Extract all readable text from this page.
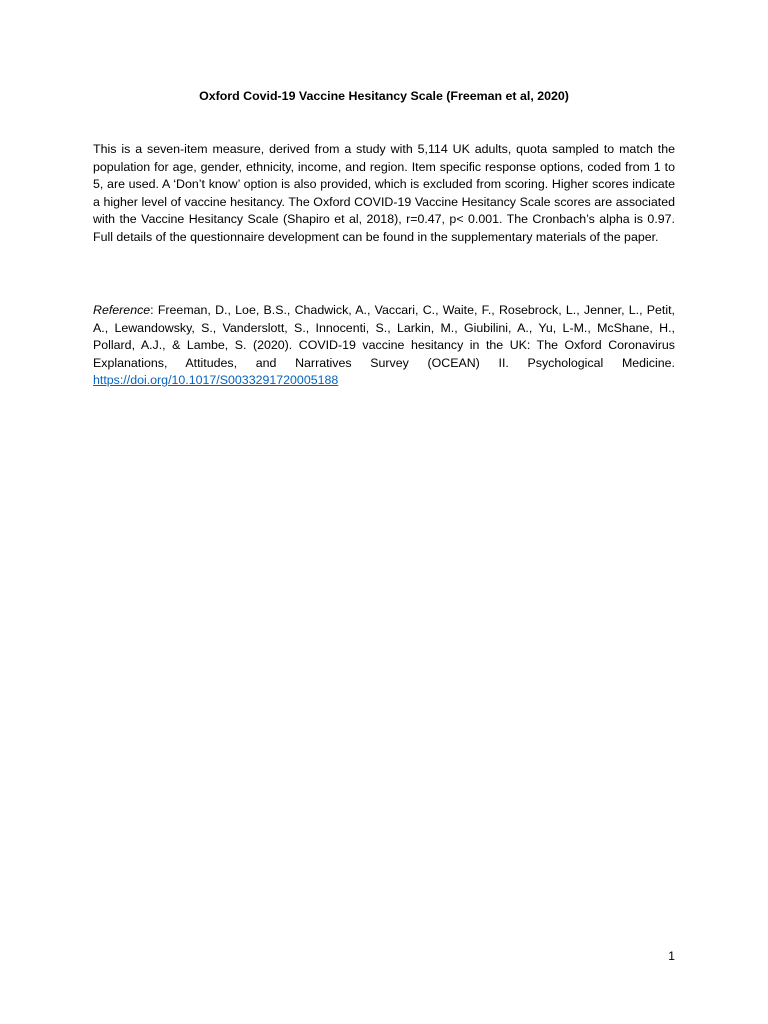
Oxford Covid-19 Vaccine Hesitancy Scale (Freeman et al, 2020)

This is a seven-item measure, derived from a study with 5,114 UK adults, quota sampled to match the population for age, gender, ethnicity, income, and region. Item specific response options, coded from 1 to 5, are used. A ‘Don’t know’ option is also provided, which is excluded from scoring. Higher scores indicate a higher level of vaccine hesitancy. The Oxford COVID-19 Vaccine Hesitancy Scale scores are associated with the Vaccine Hesitancy Scale (Shapiro et al, 2018), r=0.47, p< 0.001. The Cronbach’s alpha is 0.97. Full details of the questionnaire development can be found in the supplementary materials of the paper.

Reference: Freeman, D., Loe, B.S., Chadwick, A., Vaccari, C., Waite, F., Rosebrock, L., Jenner, L., Petit, A., Lewandowsky, S., Vanderslott, S., Innocenti, S., Larkin, M., Giubilini, A., Yu, L-M., McShane, H., Pollard, A.J., & Lambe, S. (2020). COVID-19 vaccine hesitancy in the UK: The Oxford Coronavirus Explanations, Attitudes, and Narratives Survey (OCEAN) II. Psychological Medicine. https://doi.org/10.1017/S0033291720005188

1
